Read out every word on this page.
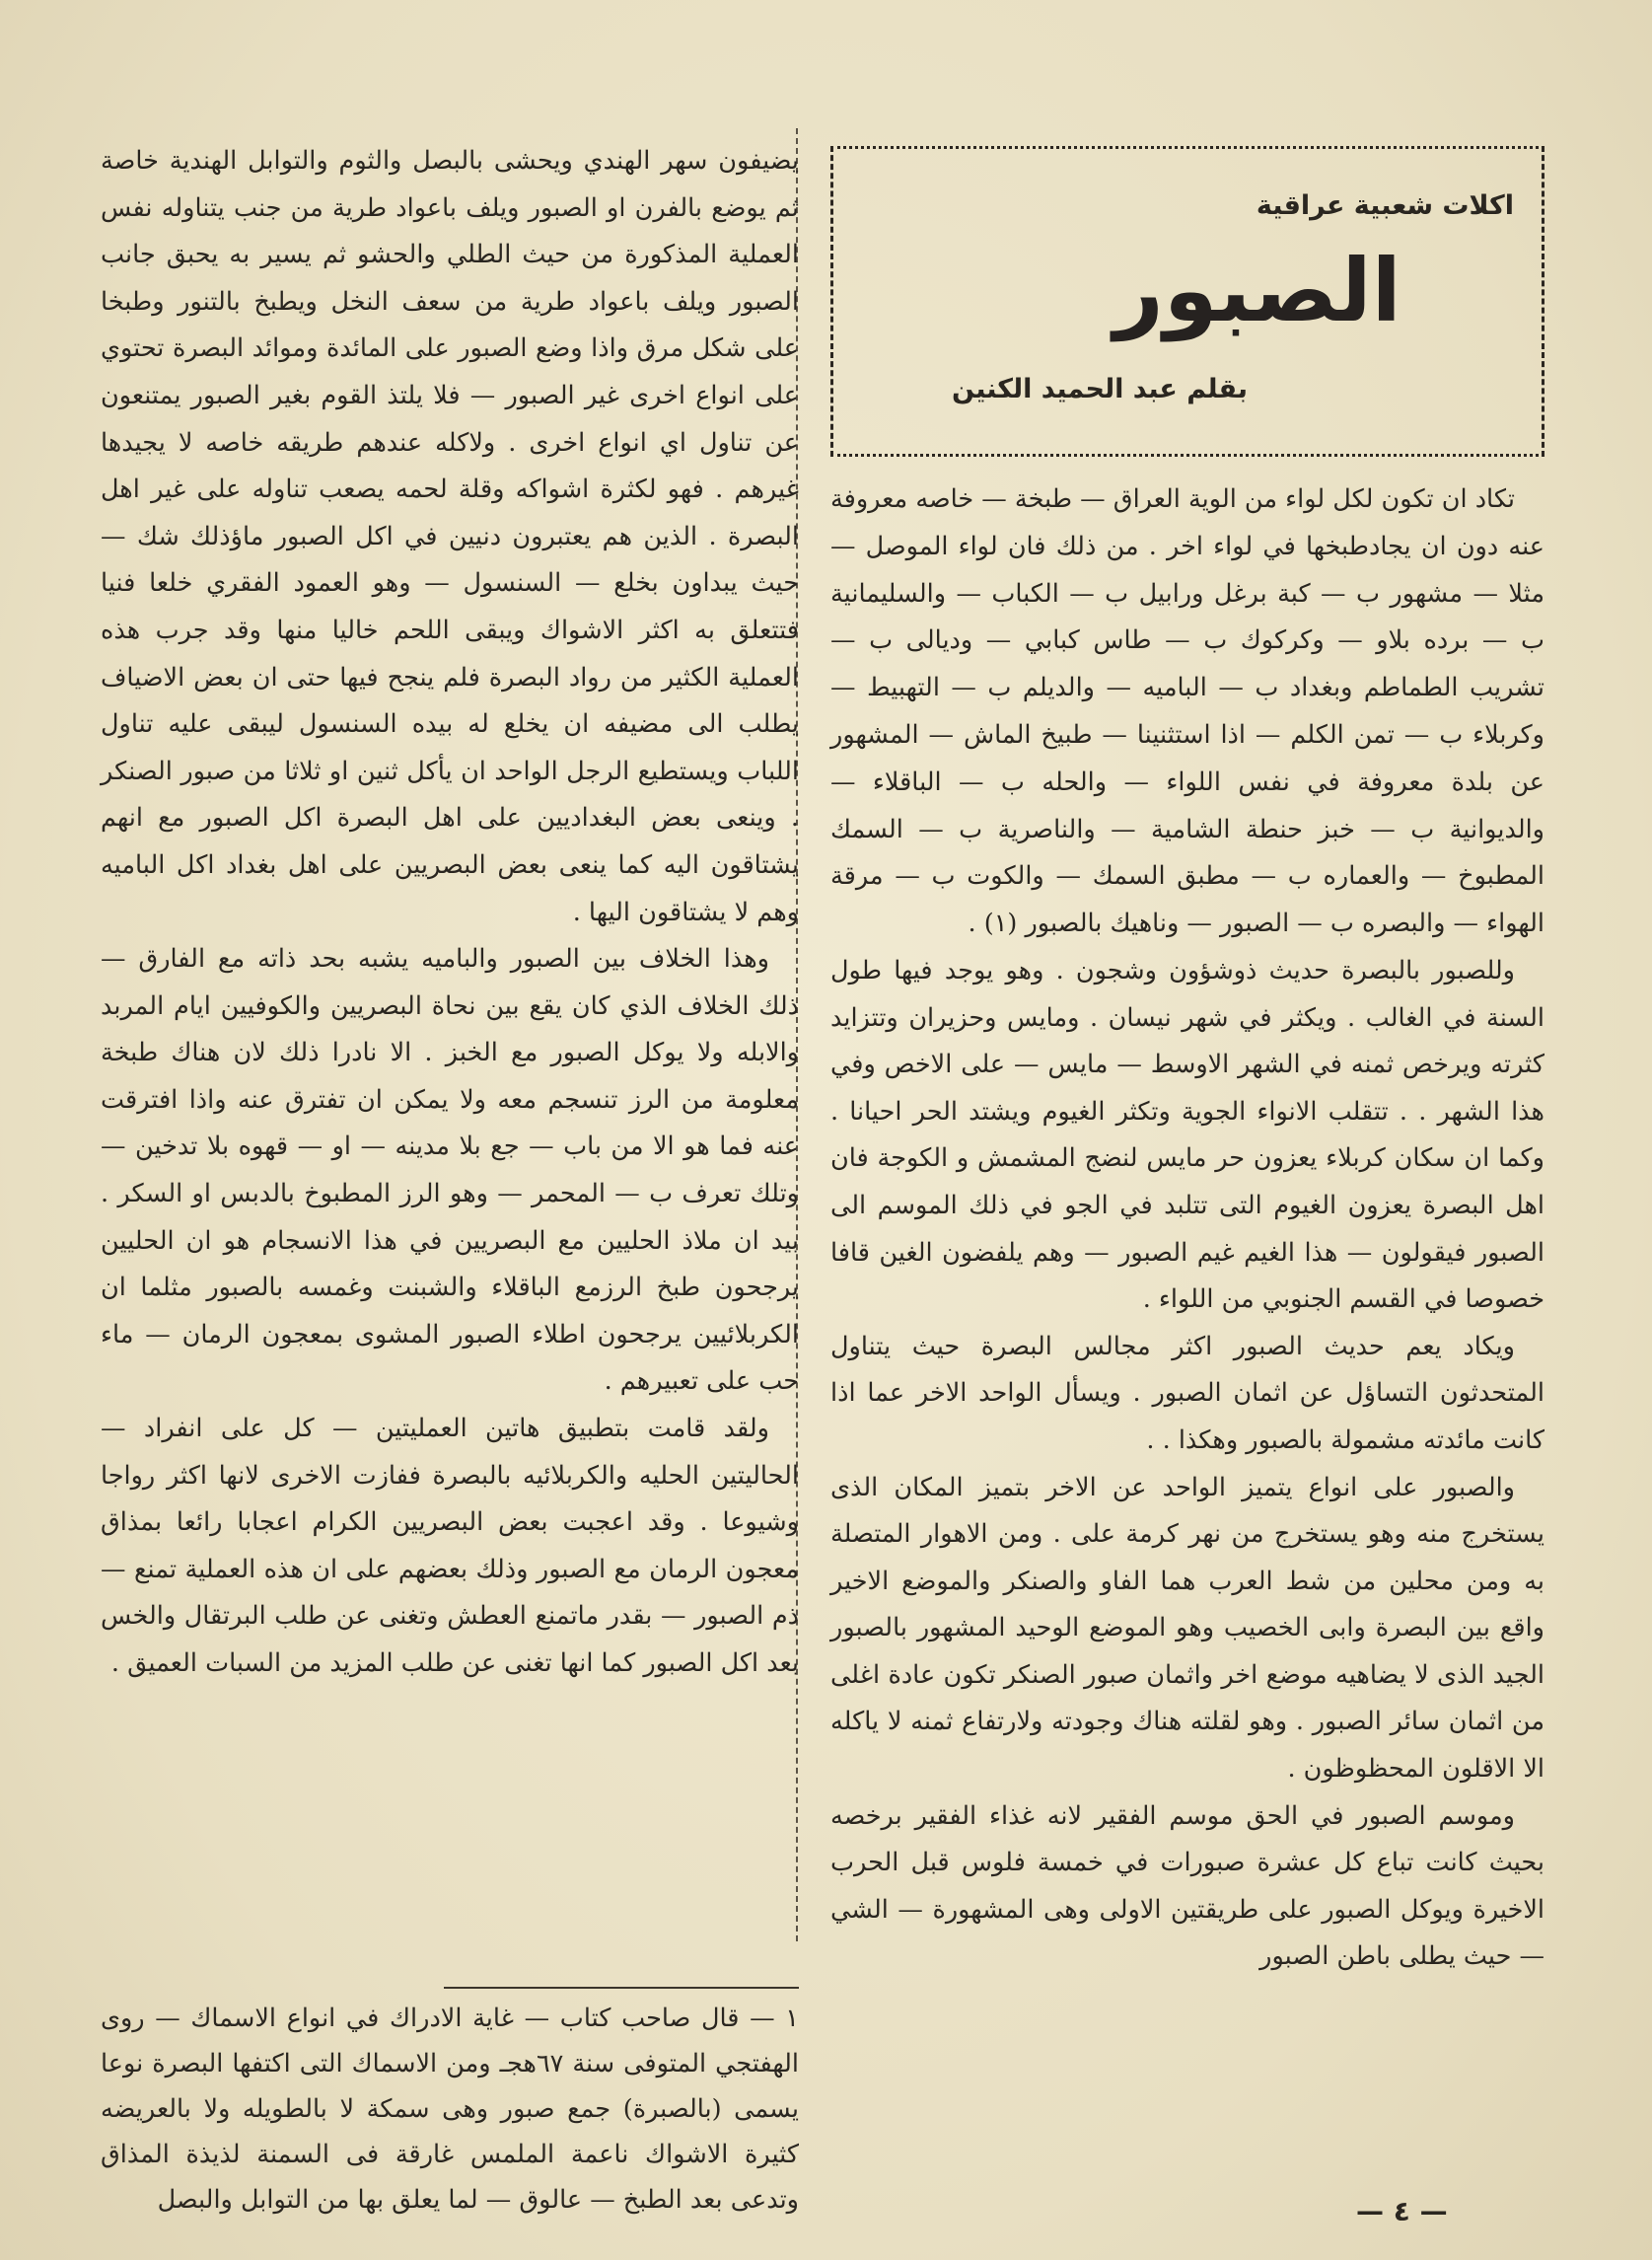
اكلات شعبية عراقية
الصبور
بقلم عبد الحميد الكنين

تكاد ان تكون لكل لواء من الوية العراق — طبخة — خاصه معروفة عنه دون ان يجادطبخها في لواء اخر . من ذلك فان لواء الموصل — مثلا — مشهور ب — كبة برغل ورابيل ب — الكباب — والسليمانية ب — برده بلاو — وكركوك ب — طاس كبابي — وديالى ب — تشريب الطماطم وبغداد ب — الباميه — والديلم ب — التهبيط — وكربلاء ب — تمن الكلم — اذا استثنينا — طبيخ الماش — المشهور عن بلدة معروفة في نفس اللواء — والحله ب — الباقلاء — والديوانية ب — خبز حنطة الشامية — والناصرية ب — السمك المطبوخ — والعماره ب — مطبق السمك — والكوت ب — مرقة الهواء — والبصره ب — الصبور — وناهيك بالصبور (١) .

وللصبور بالبصرة حديث ذوشؤون وشجون . وهو يوجد فيها طول السنة في الغالب . ويكثر في شهر نيسان . ومايس وحزيران وتتزايد كثرته ويرخص ثمنه في الشهر الاوسط — مايس — على الاخص وفي هذا الشهر . . تتقلب الانواء الجوية وتكثر الغيوم ويشتد الحر احيانا . وكما ان سكان كربلاء يعزون حر مايس لنضج المشمش و الكوجة فان اهل البصرة يعزون الغيوم التى تتلبد في الجو في ذلك الموسم الى الصبور فيقولون — هذا الغيم غيم الصبور — وهم يلفضون الغين قافا خصوصا في القسم الجنوبي من اللواء .

ويكاد يعم حديث الصبور اكثر مجالس البصرة حيث يتناول المتحدثون التساؤل عن اثمان الصبور . ويسأل الواحد الاخر عما اذا كانت مائدته مشمولة بالصبور وهكذا . .

والصبور على انواع يتميز الواحد عن الاخر بتميز المكان الذى يستخرج منه وهو يستخرج من نهر كرمة على . ومن الاهوار المتصلة به ومن محلين من شط العرب هما الفاو والصنكر والموضع الاخير واقع بين البصرة وابى الخصيب وهو الموضع الوحيد المشهور بالصبور الجيد الذى لا يضاهيه موضع اخر واثمان صبور الصنكر تكون عادة اغلى من اثمان سائر الصبور . وهو لقلته هناك وجودته ولارتفاع ثمنه لا ياكله الا الاقلون المحظوظون .

وموسم الصبور في الحق موسم الفقير لانه غذاء الفقير برخصه بحيث كانت تباع كل عشرة صبورات في خمسة فلوس قبل الحرب الاخيرة ويوكل الصبور على طريقتين الاولى وهى المشهورة — الشي — حيث يطلى باطن الصبور

يضيفون سهر الهندي ويحشى بالبصل والثوم والتوابل الهندية خاصة ثم يوضع بالفرن او الصبور ويلف باعواد طرية من جنب يتناوله نفس العملية المذكورة من حيث الطلي والحشو ثم يسير به يحبق جانب الصبور ويلف باعواد طرية من سعف النخل ويطبخ بالتنور وطبخا على شكل مرق واذا وضع الصبور على المائدة وموائد البصرة تحتوي على انواع اخرى غير الصبور — فلا يلتذ القوم بغير الصبور يمتنعون عن تناول اي انواع اخرى . ولاكله عندهم طريقه خاصه لا يجيدها غيرهم . فهو لكثرة اشواكه وقلة لحمه يصعب تناوله على غير اهل البصرة . الذين هم يعتبرون دنيين في اكل الصبور ماؤذلك شك — حيث يبداون بخلع — السنسول — وهو العمود الفقري خلعا فنيا فتتعلق به اكثر الاشواك ويبقى اللحم خاليا منها وقد جرب هذه العملية الكثير من رواد البصرة فلم ينجح فيها حتى ان بعض الاضياف يطلب الى مضيفه ان يخلع له بيده السنسول ليبقى عليه تناول اللباب ويستطيع الرجل الواحد ان يأكل ثنين او ثلاثا من صبور الصنكر . وينعى بعض البغداديين على اهل البصرة اكل الصبور مع انهم يشتاقون اليه كما ينعى بعض البصريين على اهل بغداد اكل الباميه وهم لا يشتاقون اليها .

وهذا الخلاف بين الصبور والباميه يشبه بحد ذاته مع الفارق — ذلك الخلاف الذي كان يقع بين نحاة البصريين والكوفيين ايام المربد والابله ولا يوكل الصبور مع الخبز . الا نادرا ذلك لان هناك طبخة معلومة من الرز تنسجم معه ولا يمكن ان تفترق عنه واذا افترقت عنه فما هو الا من باب — جع بلا مدينه — او — قهوه بلا تدخين — وتلك تعرف ب — المحمر — وهو الرز المطبوخ بالدبس او السكر . بيد ان ملاذ الحليين مع البصريين في هذا الانسجام هو ان الحليين يرجحون طبخ الرزمع الباقلاء والشبنت وغمسه بالصبور مثلما ان الكربلائيين يرجحون اطلاء الصبور المشوى بمعجون الرمان — ماء حب على تعبيرهم .

ولقد قامت بتطبيق هاتين العمليتين — كل على انفراد — الحاليتين الحليه والكربلائيه بالبصرة ففازت الاخرى لانها اكثر رواجا وشيوعا . وقد اعجبت بعض البصريين الكرام اعجابا رائعا بمذاق معجون الرمان مع الصبور وذلك بعضهم على ان هذه العملية تمنع — ذم الصبور — بقدر ماتمنع العطش وتغنى عن طلب البرتقال والخس بعد اكل الصبور كما انها تغنى عن طلب المزيد من السبات العميق .

١ — قال صاحب كتاب — غاية الادراك في انواع الاسماك — روى الهفتجي المتوفى سنة ٦٧هجـ ومن الاسماك التى اكتفها البصرة نوعا يسمى (بالصبرة) جمع صبور وهى سمكة لا بالطويله ولا بالعريضه كثيرة الاشواك ناعمة الملمس غارقة فى السمنة لذيذة المذاق وتدعى بعد الطبخ — عالوق — لما يعلق بها من التوابل والبصل	— ٤ —
